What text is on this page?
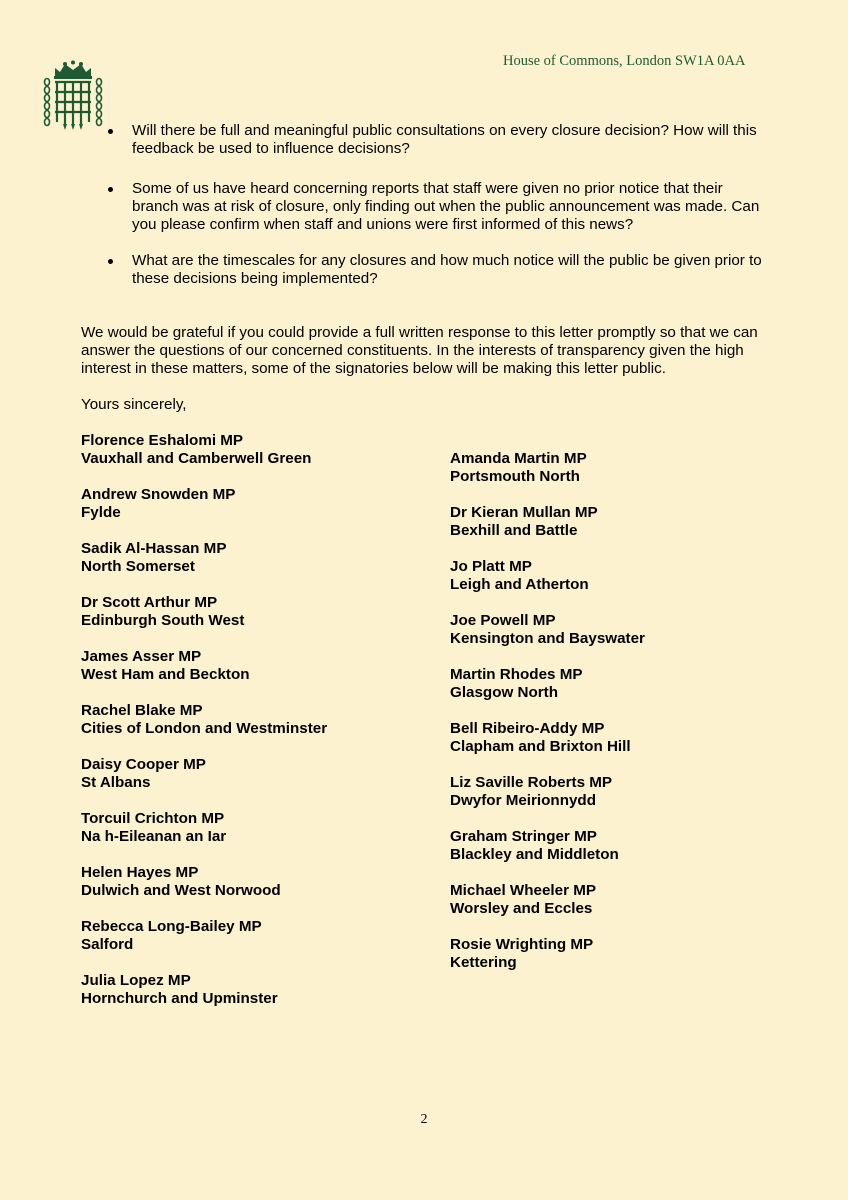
House of Commons, London SW1A 0AA
Will there be full and meaningful public consultations on every closure decision? How will this feedback be used to influence decisions?
Some of us have heard concerning reports that staff were given no prior notice that their branch was at risk of closure, only finding out when the public announcement was made. Can you please confirm when staff and unions were first informed of this news?
What are the timescales for any closures and how much notice will the public be given prior to these decisions being implemented?
We would be grateful if you could provide a full written response to this letter promptly so that we can answer the questions of our concerned constituents. In the interests of transparency given the high interest in these matters, some of the signatories below will be making this letter public.
Yours sincerely,
Florence Eshalomi MP
Vauxhall and Camberwell Green
Andrew Snowden MP
Fylde
Sadik Al-Hassan MP
North Somerset
Dr Scott Arthur MP
Edinburgh South West
James Asser MP
West Ham and Beckton
Rachel Blake MP
Cities of London and Westminster
Daisy Cooper MP
St Albans
Torcuil Crichton MP
Na h-Eileanan an Iar
Helen Hayes MP
Dulwich and West Norwood
Rebecca Long-Bailey MP
Salford
Julia Lopez MP
Hornchurch and Upminster
Amanda Martin MP
Portsmouth North
Dr Kieran Mullan MP
Bexhill and Battle
Jo Platt MP
Leigh and Atherton
Joe Powell MP
Kensington and Bayswater
Martin Rhodes MP
Glasgow North
Bell Ribeiro-Addy MP
Clapham and Brixton Hill
Liz Saville Roberts MP
Dwyfor Meirionnydd
Graham Stringer MP
Blackley and Middleton
Michael Wheeler MP
Worsley and Eccles
Rosie Wrighting MP
Kettering
2
